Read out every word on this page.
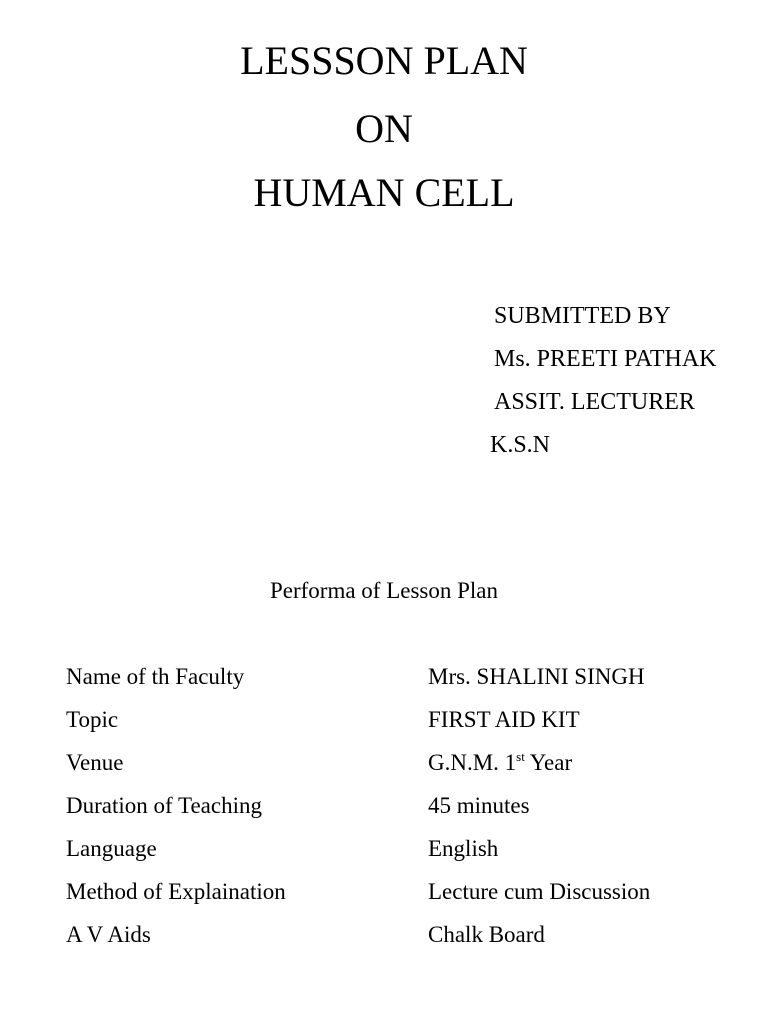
LESSSON PLAN
ON
HUMAN CELL

SUBMITTED BY

Ms. PREETI PATHAK

ASSIT. LECTURER

K.S.N

Performa of Lesson Plan

Name of th Faculty	Mrs. SHALINI SINGH
Topic	FIRST AID KIT
Venue	G.N.M. 1st Year
Duration of Teaching	45 minutes
Language	English
Method of Explaination	Lecture cum Discussion
A V Aids	Chalk Board
